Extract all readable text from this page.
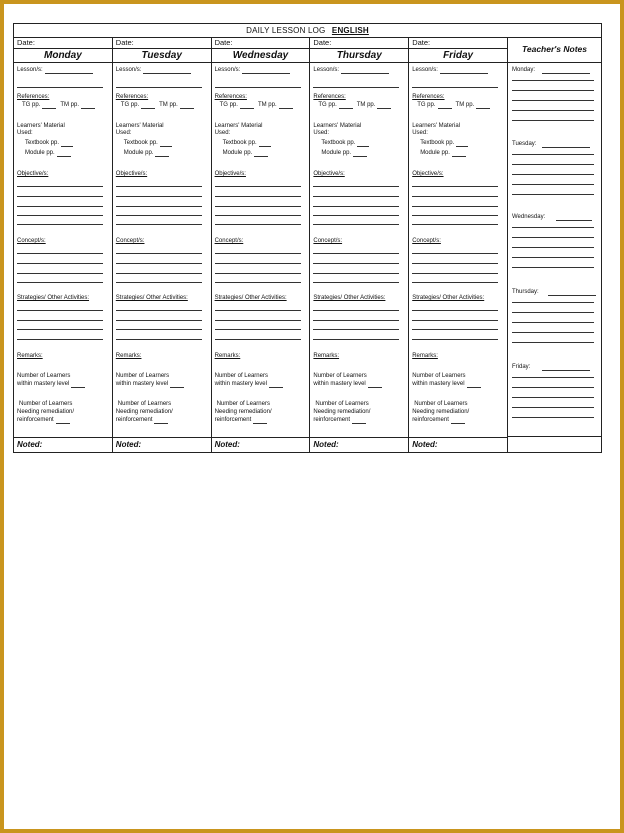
DAILY LESSON LOG ENGLISH
Date:
Monday
Lesson/s:
References:
TG pp.	TM pp.
Learners' Material
Used:
Textbook pp.
Module pp.
Objective/s:
Concept/s:
Strategies/ Other Activities:
Remarks:
Number of Learners
within mastery level
Number of Learners
Needing remediation/
reinforcement
Noted:
Date:
Tuesday
Lesson/s:
References:
TG pp.	TM pp.
Learners' Material
Used:
Textbook pp.
Module pp.
Objective/s:
Concept/s:
Strategies/ Other Activities:
Remarks:
Number of Learners
within mastery level
Number of Learners
Needing remediation/
reinforcement
Noted:
Date:
Wednesday
Lesson/s:
References:
TG pp.	TM pp.
Learners' Material
Used:
Textbook pp.
Module pp.
Objective/s:
Concept/s:
Strategies/ Other Activities:
Remarks:
Number of Learners
within mastery level
Number of Learners
Needing remediation/
reinforcement
Noted:
Date:
Thursday
Lesson/s:
References:
TG pp.	TM pp.
Learners' Material
Used:
Textbook pp.
Module pp.
Objective/s:
Concept/s:
Strategies/ Other Activities:
Remarks:
Number of Learners
within mastery level
Number of Learners
Needing remediation/
reinforcement
Noted:
Date:
Friday
Lesson/s:
References:
TG pp.	TM pp.
Learners' Material
Used:
Textbook pp.
Module pp.
Objective/s:
Concept/s:
Strategies/ Other Activities:
Remarks:
Number of Learners
within mastery level
Number of Learners
Needing remediation/
reinforcement
Noted:
Teacher's Notes
Monday:
Tuesday:
Wednesday:
Thursday:
Friday:
